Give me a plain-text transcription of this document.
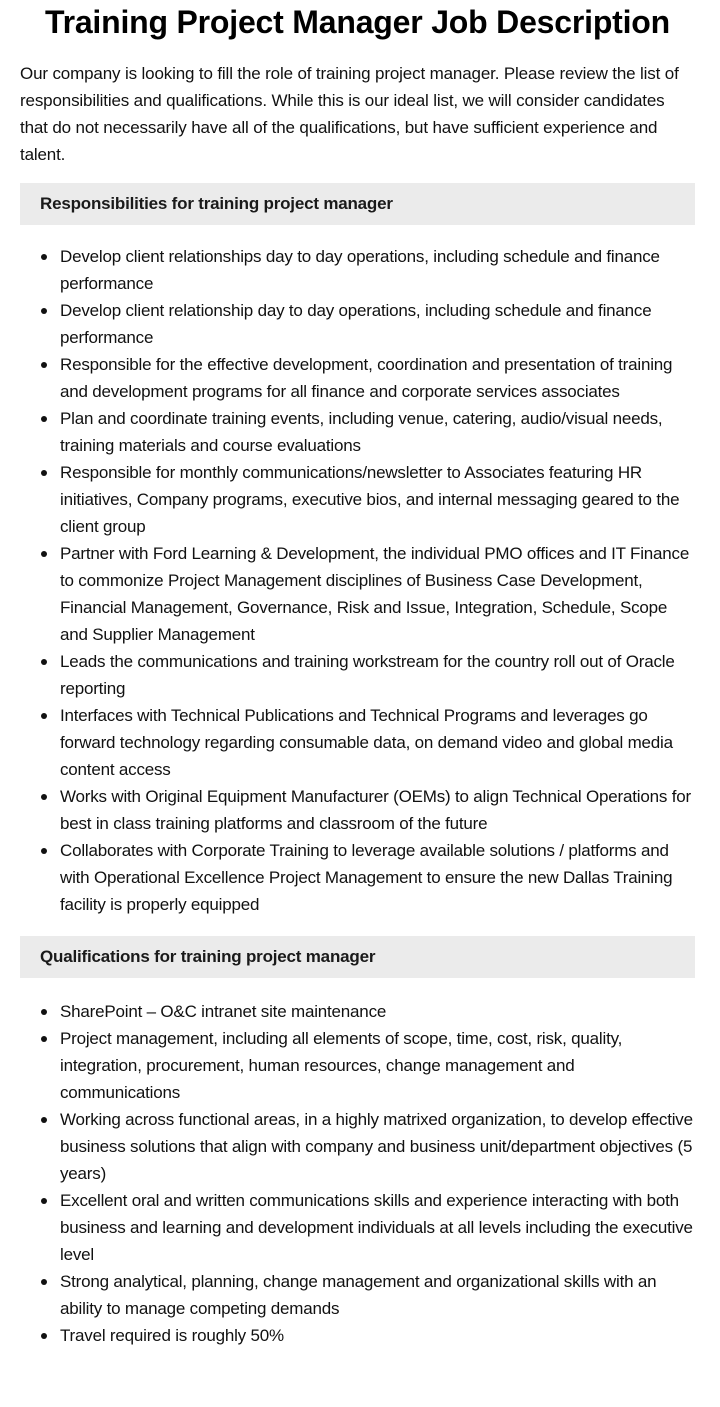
Training Project Manager Job Description

Our company is looking to fill the role of training project manager. Please review the list of responsibilities and qualifications. While this is our ideal list, we will consider candidates that do not necessarily have all of the qualifications, but have sufficient experience and talent.

Responsibilities for training project manager
Develop client relationships day to day operations, including schedule and finance performance
Develop client relationship day to day operations, including schedule and finance performance
Responsible for the effective development, coordination and presentation of training and development programs for all finance and corporate services associates
Plan and coordinate training events, including venue, catering, audio/visual needs, training materials and course evaluations
Responsible for monthly communications/newsletter to Associates featuring HR initiatives, Company programs, executive bios, and internal messaging geared to the client group
Partner with Ford Learning & Development, the individual PMO offices and IT Finance to commonize Project Management disciplines of Business Case Development, Financial Management, Governance, Risk and Issue, Integration, Schedule, Scope and Supplier Management
Leads the communications and training workstream for the country roll out of Oracle reporting
Interfaces with Technical Publications and Technical Programs and leverages go forward technology regarding consumable data, on demand video and global media content access
Works with Original Equipment Manufacturer (OEMs) to align Technical Operations for best in class training platforms and classroom of the future
Collaborates with Corporate Training to leverage available solutions / platforms and with Operational Excellence Project Management to ensure the new Dallas Training facility is properly equipped
Qualifications for training project manager
SharePoint – O&C intranet site maintenance
Project management, including all elements of scope, time, cost, risk, quality, integration, procurement, human resources, change management and communications
Working across functional areas, in a highly matrixed organization, to develop effective business solutions that align with company and business unit/department objectives (5 years)
Excellent oral and written communications skills and experience interacting with both business and learning and development individuals at all levels including the executive level
Strong analytical, planning, change management and organizational skills with an ability to manage competing demands
Travel required is roughly 50%
